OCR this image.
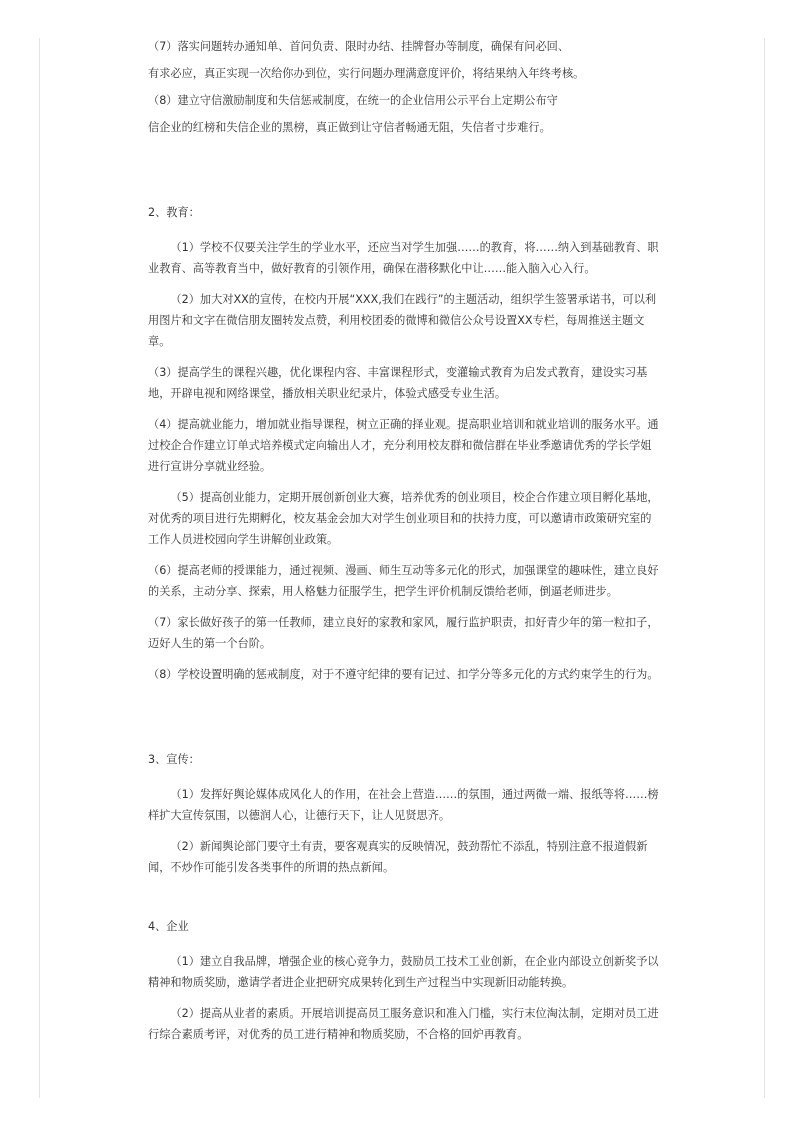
（7）落实问题转办通知单、首问负责、限时办结、挂牌督办等制度，确保有问必回、

有求必应，真正实现一次给你办到位，实行问题办理满意度评价，将结果纳入年终考核。

（8）建立守信激励制度和失信惩戒制度，在统一的企业信用公示平台上定期公布守

信企业的红榜和失信企业的黑榜，真正做到让守信者畅通无阻，失信者寸步难行。

2、教育：

（1）学校不仅要关注学生的学业水平，还应当对学生加强……的教育，将……纳入到基础教育、职业教育、高等教育当中，做好教育的引领作用，确保在潜移默化中让……能入脑入心入行。

（2）加大对XX的宣传，在校内开展“XXX,我们在践行”的主题活动，组织学生签署承诺书，可以利用图片和文字在微信朋友圈转发点赞，利用校团委的微博和微信公众号设置XX专栏，每周推送主题文章。

（3）提高学生的课程兴趣，优化课程内容、丰富课程形式，变灌输式教育为启发式教育，建设实习基地，开辟电视和网络课堂，播放相关职业纪录片，体验式感受专业生活。

（4）提高就业能力，增加就业指导课程，树立正确的择业观。提高职业培训和就业培训的服务水平。通过校企合作建立订单式培养模式定向输出人才，充分利用校友群和微信群在毕业季邀请优秀的学长学姐进行宣讲分享就业经验。

（5）提高创业能力，定期开展创新创业大赛，培养优秀的创业项目，校企合作建立项目孵化基地，对优秀的项目进行先期孵化，校友基金会加大对学生创业项目和的扶持力度，可以邀请市政策研究室的工作人员进校园向学生讲解创业政策。

（6）提高老师的授课能力，通过视频、漫画、师生互动等多元化的形式，加强课堂的趣味性，建立良好的关系，主动分享、探索，用人格魅力征服学生，把学生评价机制反馈给老师，倒逼老师进步。

（7）家长做好孩子的第一任教师，建立良好的家教和家风，履行监护职责，扣好青少年的第一粒扣子，迈好人生的第一个台阶。

（8）学校设置明确的惩戒制度，对于不遵守纪律的要有记过、扣学分等多元化的方式约束学生的行为。

3、宣传：

（1）发挥好舆论媒体成风化人的作用，在社会上营造……的氛围，通过两微一端、报纸等将……榜样扩大宣传氛围，以德润人心，让德行天下，让人见贤思齐。

（2）新闻舆论部门要守土有责，要客观真实的反映情况，鼓劲帮忙不添乱，特别注意不报道假新闻，不炒作可能引发各类事件的所谓的热点新闻。

4、企业

（1）建立自我品牌，增强企业的核心竞争力，鼓励员工技术工业创新，在企业内部设立创新奖予以精神和物质奖励，邀请学者进企业把研究成果转化到生产过程当中实现新旧动能转换。

（2）提高从业者的素质。开展培训提高员工服务意识和准入门槛，实行末位淘汰制，定期对员工进行综合素质考评，对优秀的员工进行精神和物质奖励，不合格的回炉再教育。
